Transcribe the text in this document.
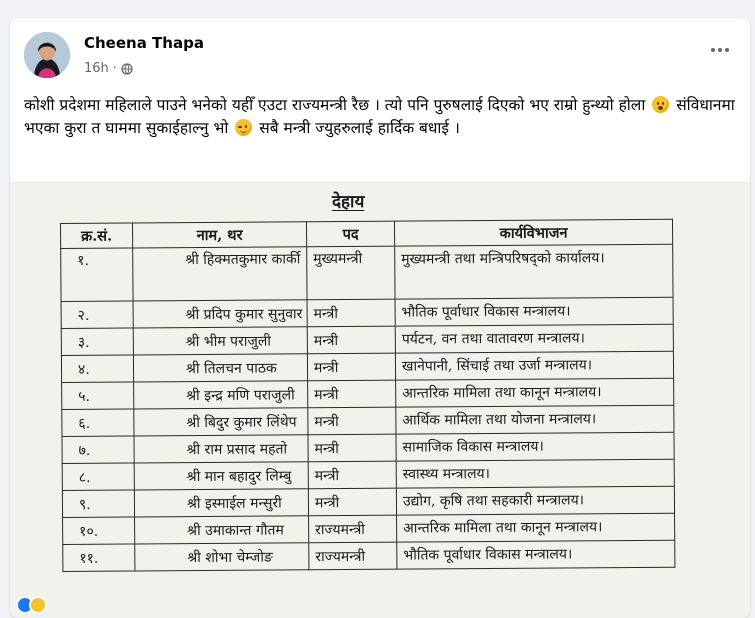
Cheena Thapa
16h ·
कोशी प्रदेशमा महिलाले पाउने भनेको यहीँ एउटा राज्यमन्त्री रैछ । त्यो पनि पुरुषलाई दिएको भए राम्रो हुन्थ्यो होला
संविधानमा भएका कुरा त घाममा सुकाईहाल्नु भो
सबै मन्त्री ज्युहरुलाई हार्दिक बधाई ।
देहाय
क्र.सं.	नाम, थर	पद	कार्यविभाजन
१.	श्री हिक्मतकुमार कार्की	मुख्यमन्त्री	मुख्यमन्त्री तथा मन्त्रिपरिषद्को कार्यालय।
२.	श्री प्रदिप कुमार सुनुवार	मन्त्री	भौतिक पूर्वाधार विकास मन्त्रालय।
३.	श्री भीम पराजुली	मन्त्री	पर्यटन, वन तथा वातावरण मन्त्रालय।
४.	श्री तिलचन पाठक	मन्त्री	खानेपानी, सिंचाई तथा उर्जा मन्त्रालय।
५.	श्री इन्द्र मणि पराजुली	मन्त्री	आन्तरिक मामिला तथा कानून मन्त्रालय।
६.	श्री बिदुर कुमार लिंथेप	मन्त्री	आर्थिक मामिला तथा योजना मन्त्रालय।
७.	श्री राम प्रसाद महतो	मन्त्री	सामाजिक विकास मन्त्रालय।
८.	श्री मान बहादुर लिम्बु	मन्त्री	स्वास्थ्य मन्त्रालय।
९.	श्री इस्माईल मन्सुरी	मन्त्री	उद्योग, कृषि तथा सहकारी मन्त्रालय।
१०.	श्री उमाकान्त गौतम	राज्यमन्त्री	आन्तरिक मामिला तथा कानून मन्त्रालय।
११.	श्री शोभा चेम्जोङ	राज्यमन्त्री	भौतिक पूर्वाधार विकास मन्त्रालय।
